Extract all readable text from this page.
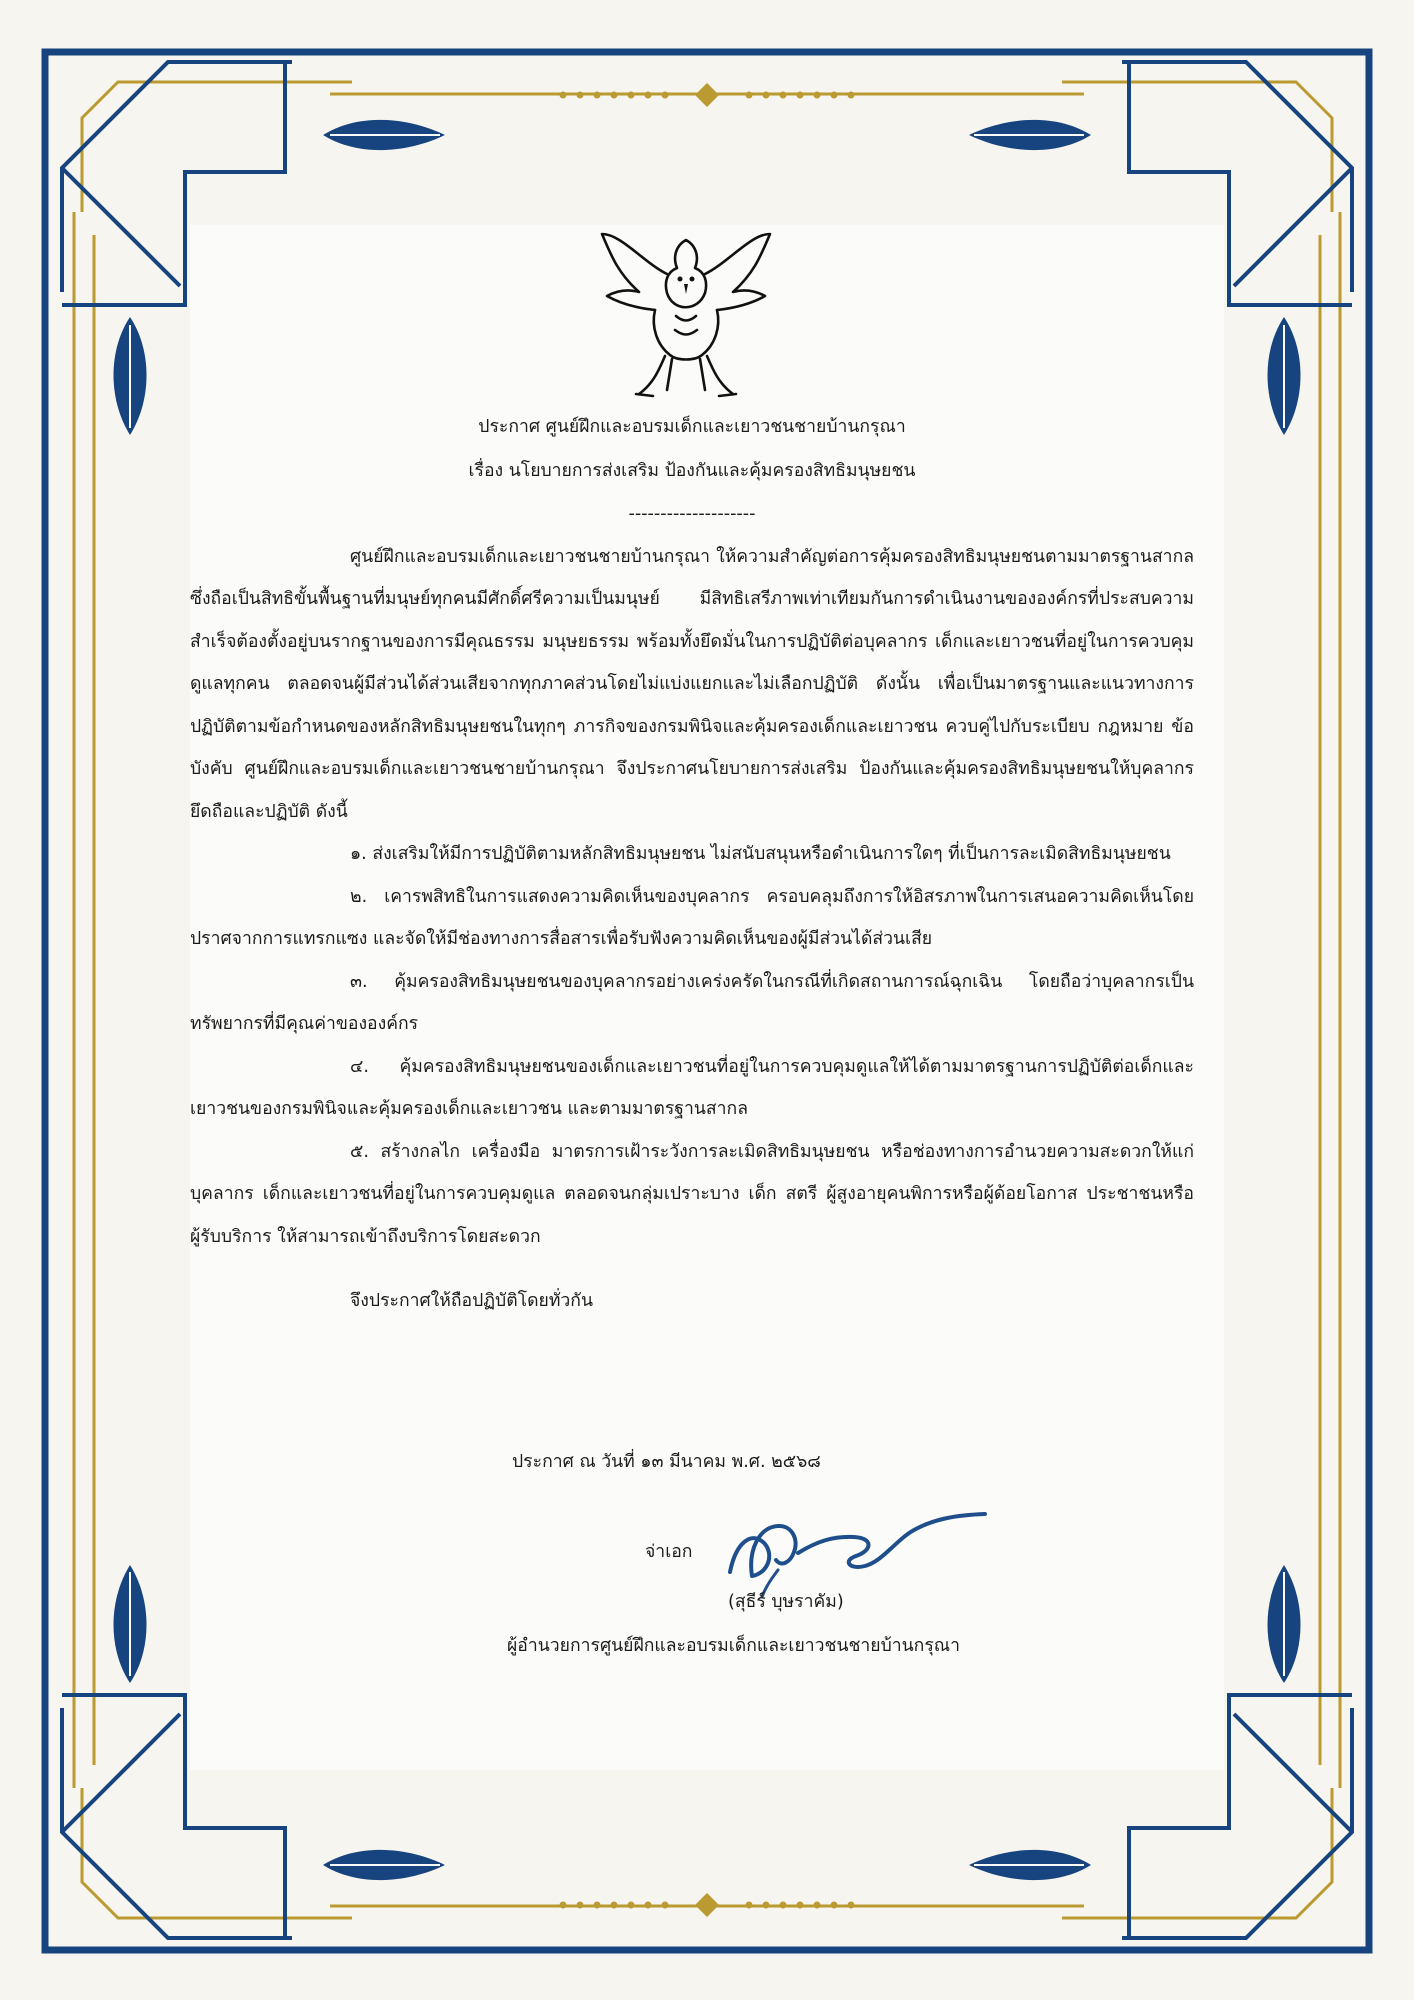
ประกาศ ศูนย์ฝึกและอบรมเด็กและเยาวชนชายบ้านกรุณา

เรื่อง นโยบายการส่งเสริม ป้องกันและคุ้มครองสิทธิมนุษยชน

--------------------

ศูนย์ฝึกและอบรมเด็กและเยาวชนชายบ้านกรุณา ให้ความสำคัญต่อการคุ้มครองสิทธิมนุษยชนตามมาตรฐานสากลซึ่งถือเป็นสิทธิขั้นพื้นฐานที่มนุษย์ทุกคนมีศักดิ์ศรีความเป็นมนุษย์ มีสิทธิเสรีภาพเท่าเทียมกันการดำเนินงานขององค์กรที่ประสบความสำเร็จต้องตั้งอยู่บนรากฐานของการมีคุณธรรม มนุษยธรรม พร้อมทั้งยึดมั่นในการปฏิบัติต่อบุคลากร เด็กและเยาวชนที่อยู่ในการควบคุมดูแลทุกคน ตลอดจนผู้มีส่วนได้ส่วนเสียจากทุกภาคส่วนโดยไม่แบ่งแยกและไม่เลือกปฏิบัติ ดังนั้น เพื่อเป็นมาตรฐานและแนวทางการปฏิบัติตามข้อกำหนดของหลักสิทธิมนุษยชนในทุกๆ ภารกิจของกรมพินิจและคุ้มครองเด็กและเยาวชน ควบคู่ไปกับระเบียบ กฎหมาย ข้อบังคับ ศูนย์ฝึกและอบรมเด็กและเยาวชนชายบ้านกรุณา จึงประกาศนโยบายการส่งเสริม ป้องกันและคุ้มครองสิทธิมนุษยชนให้บุคลากรยึดถือและปฏิบัติ ดังนี้

๑. ส่งเสริมให้มีการปฏิบัติตามหลักสิทธิมนุษยชน ไม่สนับสนุนหรือดำเนินการใดๆ ที่เป็นการละเมิดสิทธิมนุษยชน

๒. เคารพสิทธิในการแสดงความคิดเห็นของบุคลากร ครอบคลุมถึงการให้อิสรภาพในการเสนอความคิดเห็นโดยปราศจากการแทรกแซง และจัดให้มีช่องทางการสื่อสารเพื่อรับฟังความคิดเห็นของผู้มีส่วนได้ส่วนเสีย

๓. คุ้มครองสิทธิมนุษยชนของบุคลากรอย่างเคร่งครัดในกรณีที่เกิดสถานการณ์ฉุกเฉิน โดยถือว่าบุคลากรเป็นทรัพยากรที่มีคุณค่าขององค์กร

๔. คุ้มครองสิทธิมนุษยชนของเด็กและเยาวชนที่อยู่ในการควบคุมดูแลให้ได้ตามมาตรฐานการปฏิบัติต่อเด็กและเยาวชนของกรมพินิจและคุ้มครองเด็กและเยาวชน และตามมาตรฐานสากล

๕. สร้างกลไก เครื่องมือ มาตรการเฝ้าระวังการละเมิดสิทธิมนุษยชน หรือช่องทางการอำนวยความสะดวกให้แก่ บุคลากร เด็กและเยาวชนที่อยู่ในการควบคุมดูแล ตลอดจนกลุ่มเปราะบาง เด็ก สตรี ผู้สูงอายุคนพิการหรือผู้ด้อยโอกาส ประชาชนหรือผู้รับบริการ ให้สามารถเข้าถึงบริการโดยสะดวก

จึงประกาศให้ถือปฏิบัติโดยทั่วกัน

ประกาศ ณ วันที่ ๑๓ มีนาคม พ.ศ. ๒๕๖๘
จ่าเอก
(สุธีร์ บุษราคัม)
ผู้อำนวยการศูนย์ฝึกและอบรมเด็กและเยาวชนชายบ้านกรุณา
